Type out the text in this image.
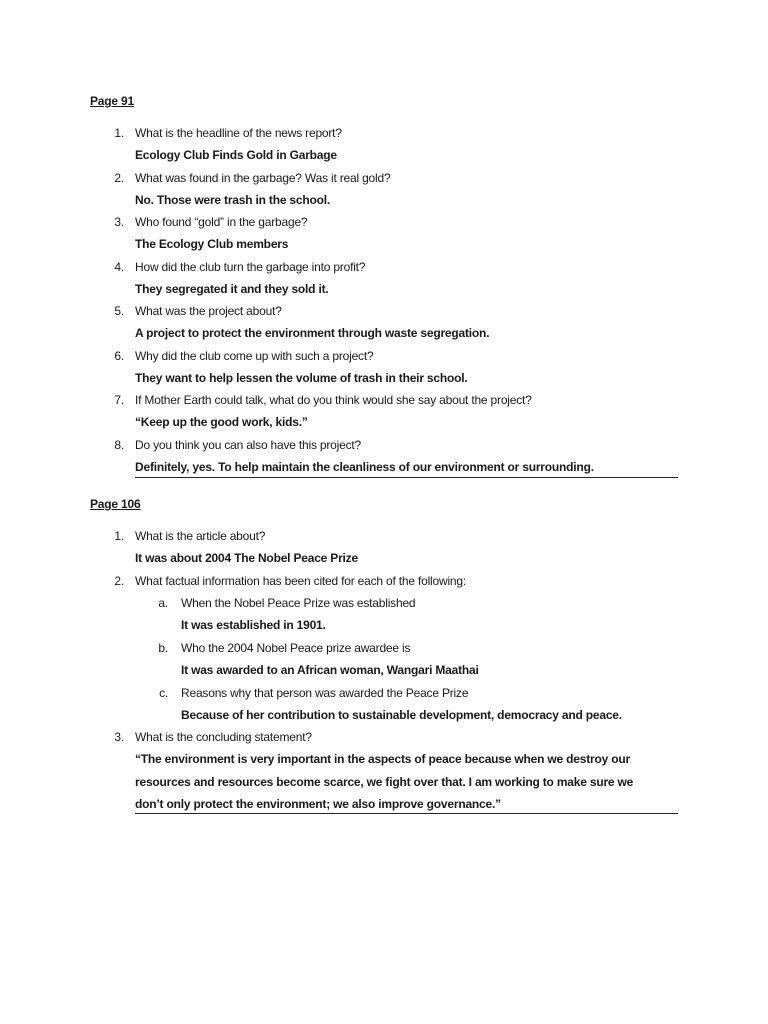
Page 91
1. What is the headline of the news report?
Ecology Club Finds Gold in Garbage
2. What was found in the garbage? Was it real gold?
No. Those were trash in the school.
3. Who found “gold” in the garbage?
The Ecology Club members
4. How did the club turn the garbage into profit?
They segregated it and they sold it.
5. What was the project about?
A project to protect the environment through waste segregation.
6. Why did the club come up with such a project?
They want to help lessen the volume of trash in their school.
7. If Mother Earth could talk, what do you think would she say about the project?
“Keep up the good work, kids.”
8. Do you think you can also have this project?
Definitely, yes. To help maintain the cleanliness of our environment or surrounding.
Page 106
1. What is the article about?
It was about 2004 The Nobel Peace Prize
2. What factual information has been cited for each of the following:
a. When the Nobel Peace Prize was established
It was established in 1901.
b. Who the 2004 Nobel Peace prize awardee is
It was awarded to an African woman, Wangari Maathai
c. Reasons why that person was awarded the Peace Prize
Because of her contribution to sustainable development, democracy and peace.
3. What is the concluding statement?
“The environment is very important in the aspects of peace because when we destroy our
resources and resources become scarce, we fight over that. I am working to make sure we
don’t only protect the environment; we also improve governance.”
